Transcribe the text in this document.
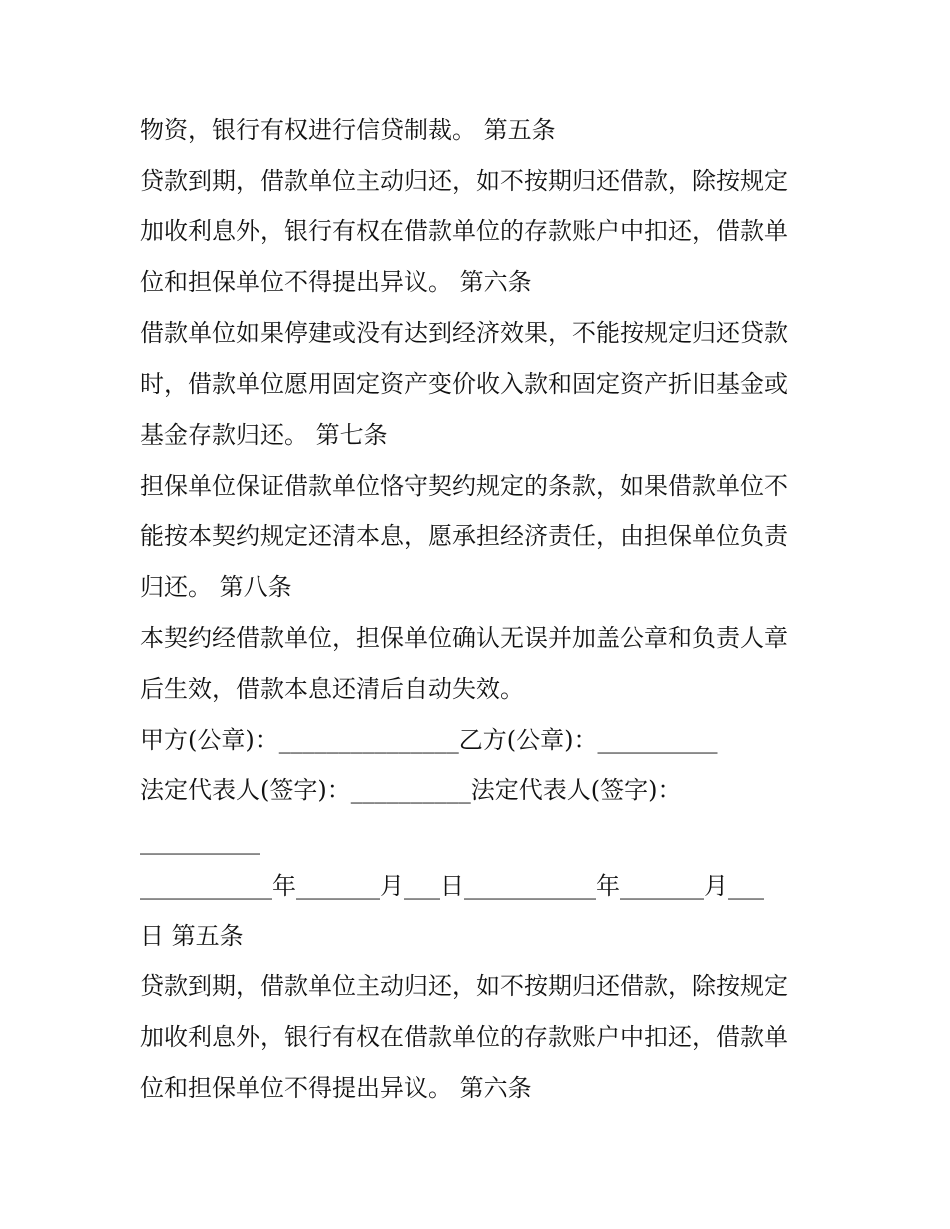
物资，银行有权进行信贷制裁。 第五条

贷款到期，借款单位主动归还，如不按期归还借款，除按规定

加收利息外，银行有权在借款单位的存款账户中扣还，借款单

位和担保单位不得提出异议。 第六条

借款单位如果停建或没有达到经济效果，不能按规定归还贷款

时，借款单位愿用固定资产变价收入款和固定资产折旧基金或

基金存款归还。 第七条

担保单位保证借款单位恪守契约规定的条款，如果借款单位不

能按本契约规定还清本息，愿承担经济责任，由担保单位负责

归还。 第八条

本契约经借款单位，担保单位确认无误并加盖公章和负责人章

后生效，借款本息还清后自动失效。

甲方(公章)：_______________乙方(公章)：__________

法定代表人(签字)：__________法定代表人(签字)：

__________

___________年_______月___日___________年_______月___

日 第五条

贷款到期，借款单位主动归还，如不按期归还借款，除按规定

加收利息外，银行有权在借款单位的存款账户中扣还，借款单

位和担保单位不得提出异议。 第六条
